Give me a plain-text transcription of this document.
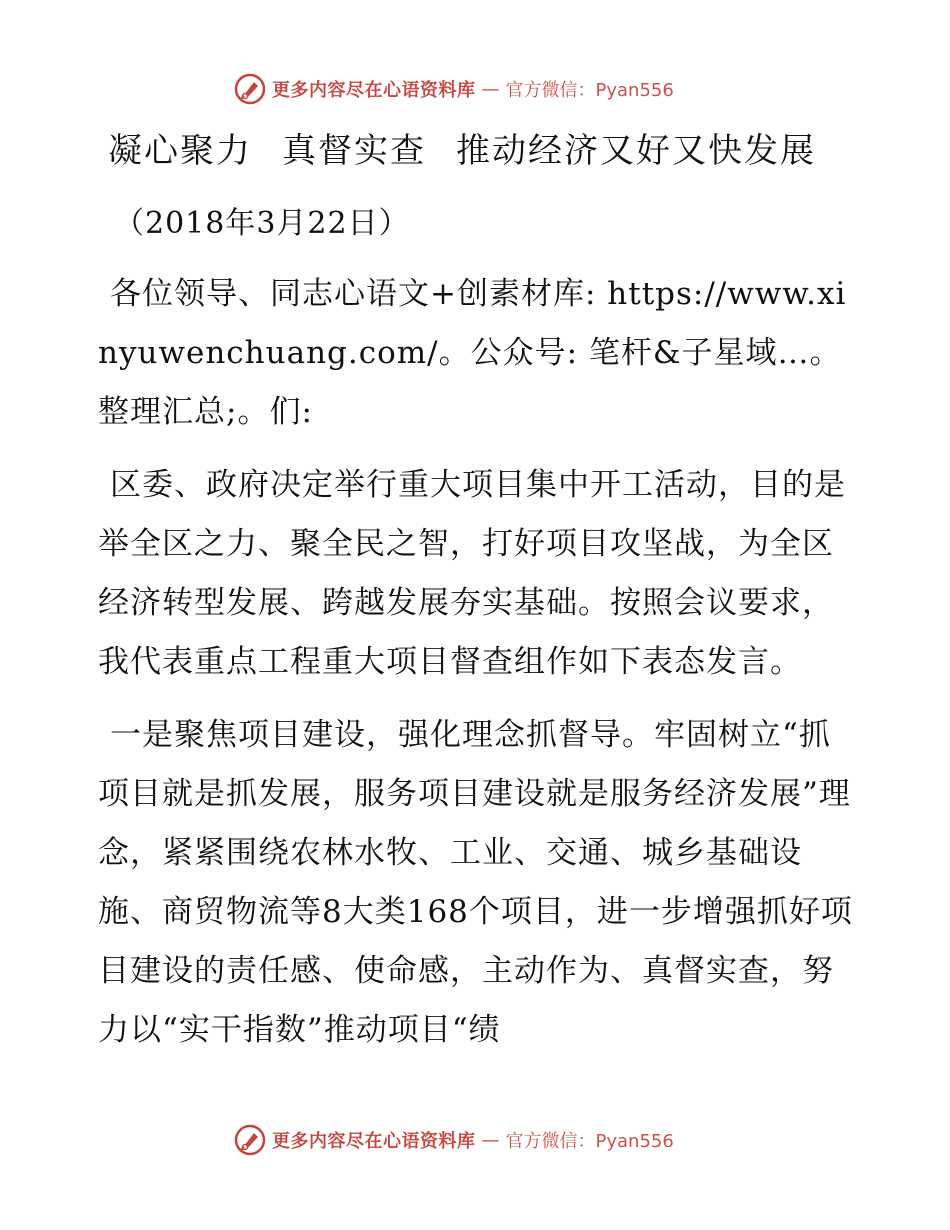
更多内容尽在心语资料库 — 官方微信：Pyan556
凝心聚力 真督实查 推动经济又好又快发展
（2018年3月22日）

各位领导、同志心语文+创素材库: https://www.xinyuwenchuang.com/。公众号: 笔杆&子星域…。整理汇总;。们:

区委、政府决定举行重大项目集中开工活动，目的是举全区之力、聚全民之智，打好项目攻坚战，为全区经济转型发展、跨越发展夯实基础。按照会议要求，我代表重点工程重大项目督查组作如下表态发言。

一是聚焦项目建设，强化理念抓督导。牢固树立“抓项目就是抓发展，服务项目建设就是服务经济发展”理念，紧紧围绕农林水牧、工业、交通、城乡基础设施、商贸物流等8大类168个项目，进一步增强抓好项目建设的责任感、使命感，主动作为、真督实查，努力以“实干指数”推动项目“绩

更多内容尽在心语资料库 — 官方微信：Pyan556
